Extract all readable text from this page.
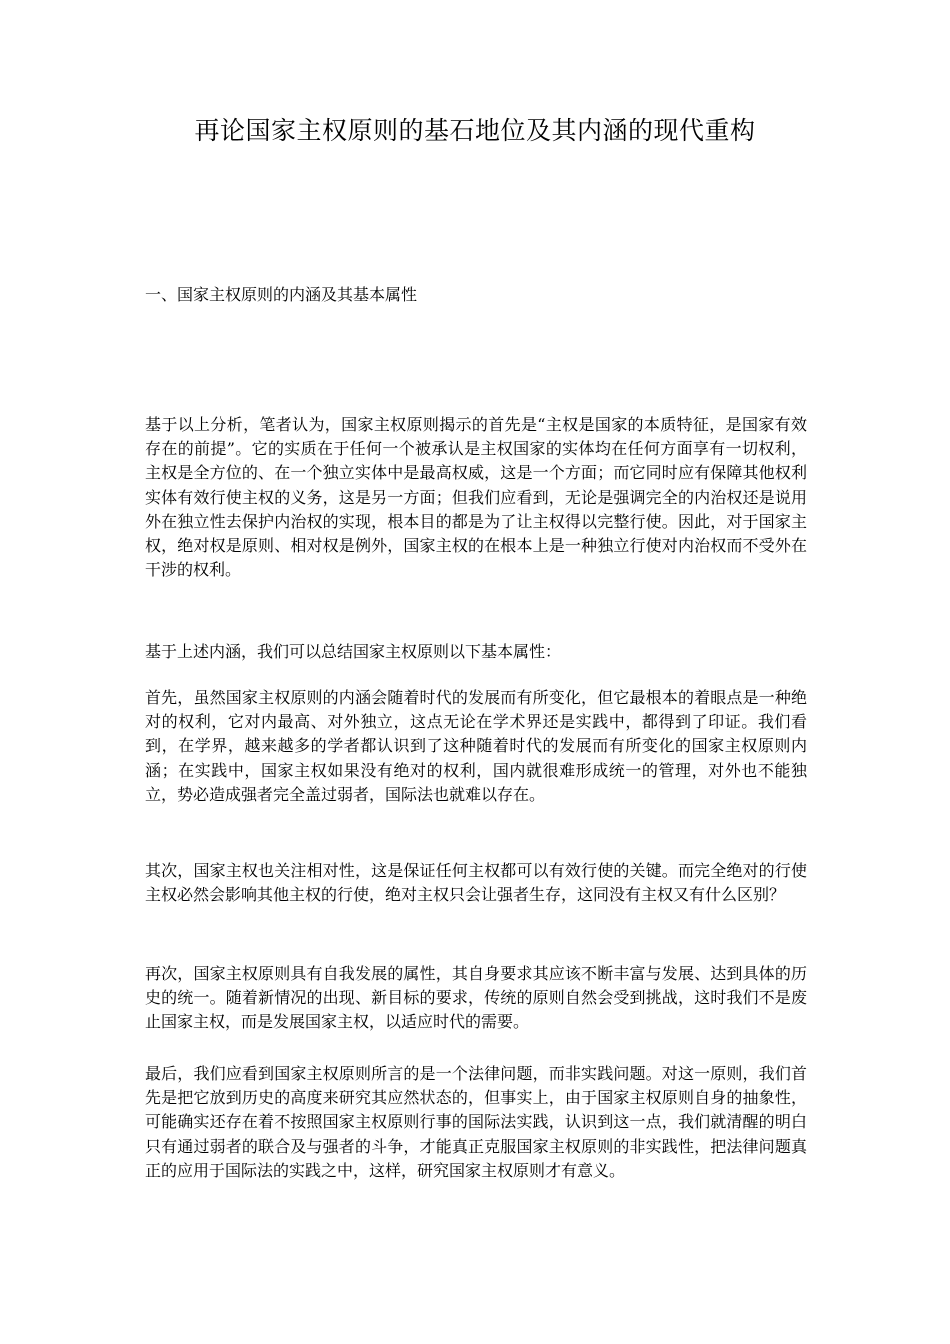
再论国家主权原则的基石地位及其内涵的现代重构
一、国家主权原则的内涵及其基本属性

基于以上分析，笔者认为，国家主权原则揭示的首先是“主权是国家的本质特征，是国家有效存在的前提”。它的实质在于任何一个被承认是主权国家的实体均在任何方面享有一切权利，主权是全方位的、在一个独立实体中是最高权威，这是一个方面；而它同时应有保障其他权利实体有效行使主权的义务，这是另一方面；但我们应看到，无论是强调完全的内治权还是说用外在独立性去保护内治权的实现，根本目的都是为了让主权得以完整行使。因此，对于国家主权，绝对权是原则、相对权是例外，国家主权的在根本上是一种独立行使对内治权而不受外在干涉的权利。

基于上述内涵，我们可以总结国家主权原则以下基本属性：

首先，虽然国家主权原则的内涵会随着时代的发展而有所变化，但它最根本的着眼点是一种绝对的权利，它对内最高、对外独立，这点无论在学术界还是实践中，都得到了印证。我们看到，在学界，越来越多的学者都认识到了这种随着时代的发展而有所变化的国家主权原则内涵；在实践中，国家主权如果没有绝对的权利，国内就很难形成统一的管理，对外也不能独立，势必造成强者完全盖过弱者，国际法也就难以存在。

其次，国家主权也关注相对性，这是保证任何主权都可以有效行使的关键。而完全绝对的行使主权必然会影响其他主权的行使，绝对主权只会让强者生存，这同没有主权又有什么区别？

再次，国家主权原则具有自我发展的属性，其自身要求其应该不断丰富与发展、达到具体的历史的统一。随着新情况的出现、新目标的要求，传统的原则自然会受到挑战，这时我们不是废止国家主权，而是发展国家主权，以适应时代的需要。

最后，我们应看到国家主权原则所言的是一个法律问题，而非实践问题。对这一原则，我们首先是把它放到历史的高度来研究其应然状态的，但事实上，由于国家主权原则自身的抽象性，可能确实还存在着不按照国家主权原则行事的国际法实践，认识到这一点，我们就清醒的明白只有通过弱者的联合及与强者的斗争，才能真正克服国家主权原则的非实践性，把法律问题真正的应用于国际法的实践之中，这样，研究国家主权原则才有意义。
